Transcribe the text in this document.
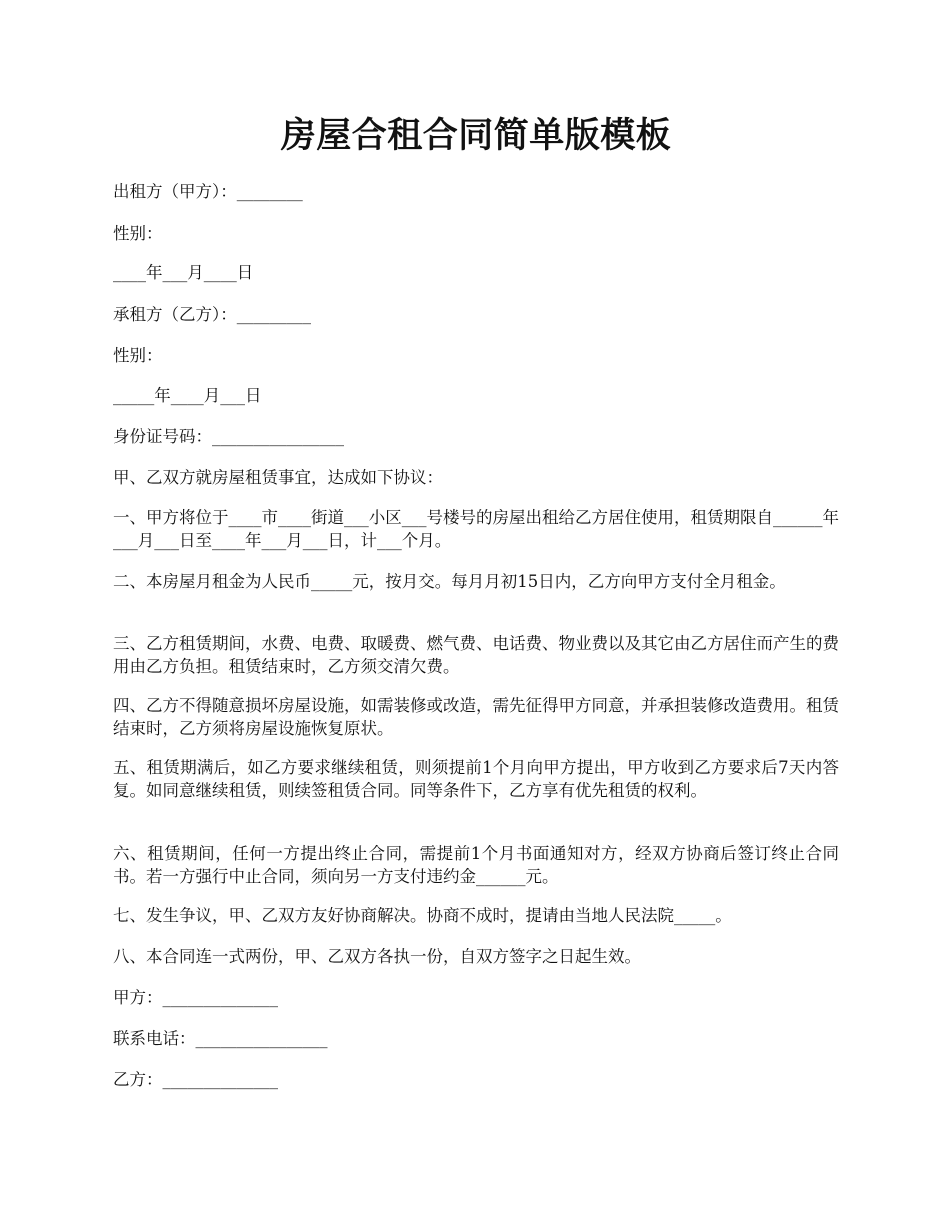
房屋合租合同简单版模板

出租方（甲方）：________

性别：

____年___月____日

承租方（乙方）：_________

性别：

_____年____月___日

身份证号码：________________

甲、乙双方就房屋租赁事宜，达成如下协议：

一、甲方将位于____市____街道___小区___号楼号的房屋出租给乙方居住使用，租赁期限自______年___月___日至____年___月___日，计___个月。

二、本房屋月租金为人民币_____元，按月交。每月月初15日内，乙方向甲方支付全月租金。

三、乙方租赁期间，水费、电费、取暖费、燃气费、电话费、物业费以及其它由乙方居住而产生的费用由乙方负担。租赁结束时，乙方须交清欠费。

四、乙方不得随意损坏房屋设施，如需装修或改造，需先征得甲方同意，并承担装修改造费用。租赁结束时，乙方须将房屋设施恢复原状。

五、租赁期满后，如乙方要求继续租赁，则须提前1个月向甲方提出，甲方收到乙方要求后7天内答复。如同意继续租赁，则续签租赁合同。同等条件下，乙方享有优先租赁的权利。

六、租赁期间，任何一方提出终止合同，需提前1个月书面通知对方，经双方协商后签订终止合同书。若一方强行中止合同，须向另一方支付违约金______元。

七、发生争议，甲、乙双方友好协商解决。协商不成时，提请由当地人民法院_____。

八、本合同连一式两份，甲、乙双方各执一份，自双方签字之日起生效。

甲方：______________

联系电话：________________

乙方：______________
